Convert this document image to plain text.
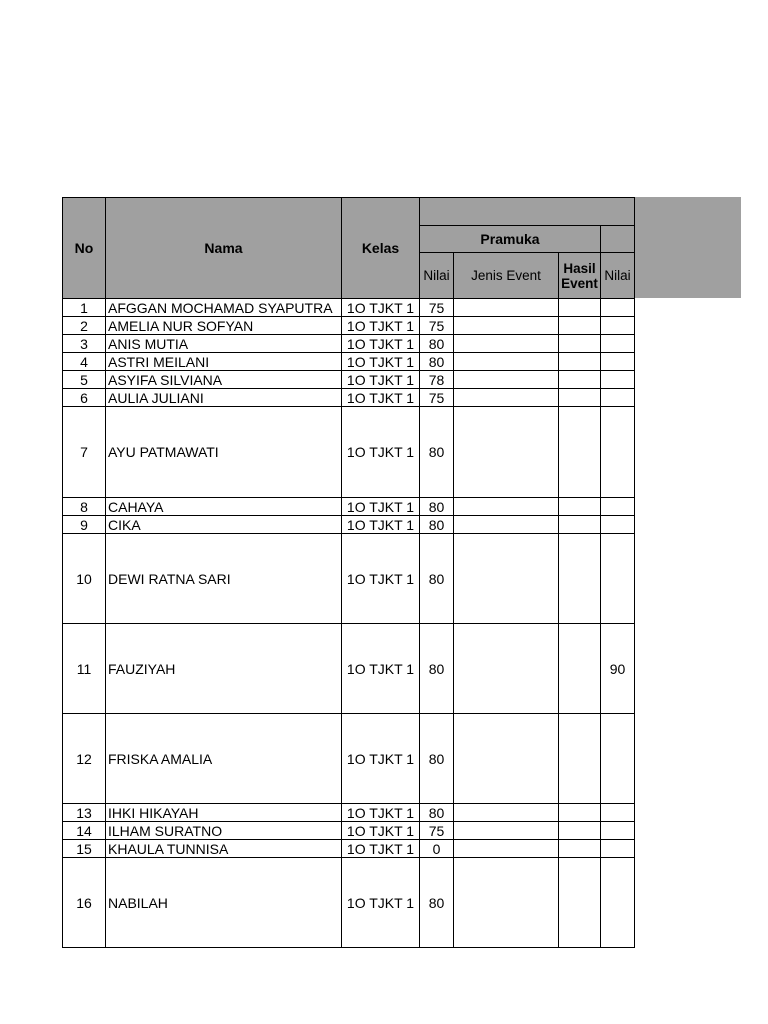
No	Nama	Kelas				
			Pramuka			
			Nilai	Jenis Event	Hasil Event	Nilai
1	AFGGAN MOCHAMAD SYAPUTRA	1O TJKT 1	75			
2	AMELIA NUR SOFYAN	1O TJKT 1	75			
3	ANIS MUTIA	1O TJKT 1	80			
4	ASTRI MEILANI	1O TJKT 1	80			
5	ASYIFA SILVIANA	1O TJKT 1	78			
6	AULIA JULIANI	1O TJKT 1	75			
7	AYU PATMAWATI	1O TJKT 1	80			
8	CAHAYA	1O TJKT 1	80			
9	CIKA	1O TJKT 1	80			
10	DEWI RATNA SARI	1O TJKT 1	80			
11	FAUZIYAH	1O TJKT 1	80			90
12	FRISKA AMALIA	1O TJKT 1	80			
13	IHKI HIKAYAH	1O TJKT 1	80			
14	ILHAM SURATNO	1O TJKT 1	75			
15	KHAULA TUNNISA	1O TJKT 1	0			
16	NABILAH	1O TJKT 1	80			
